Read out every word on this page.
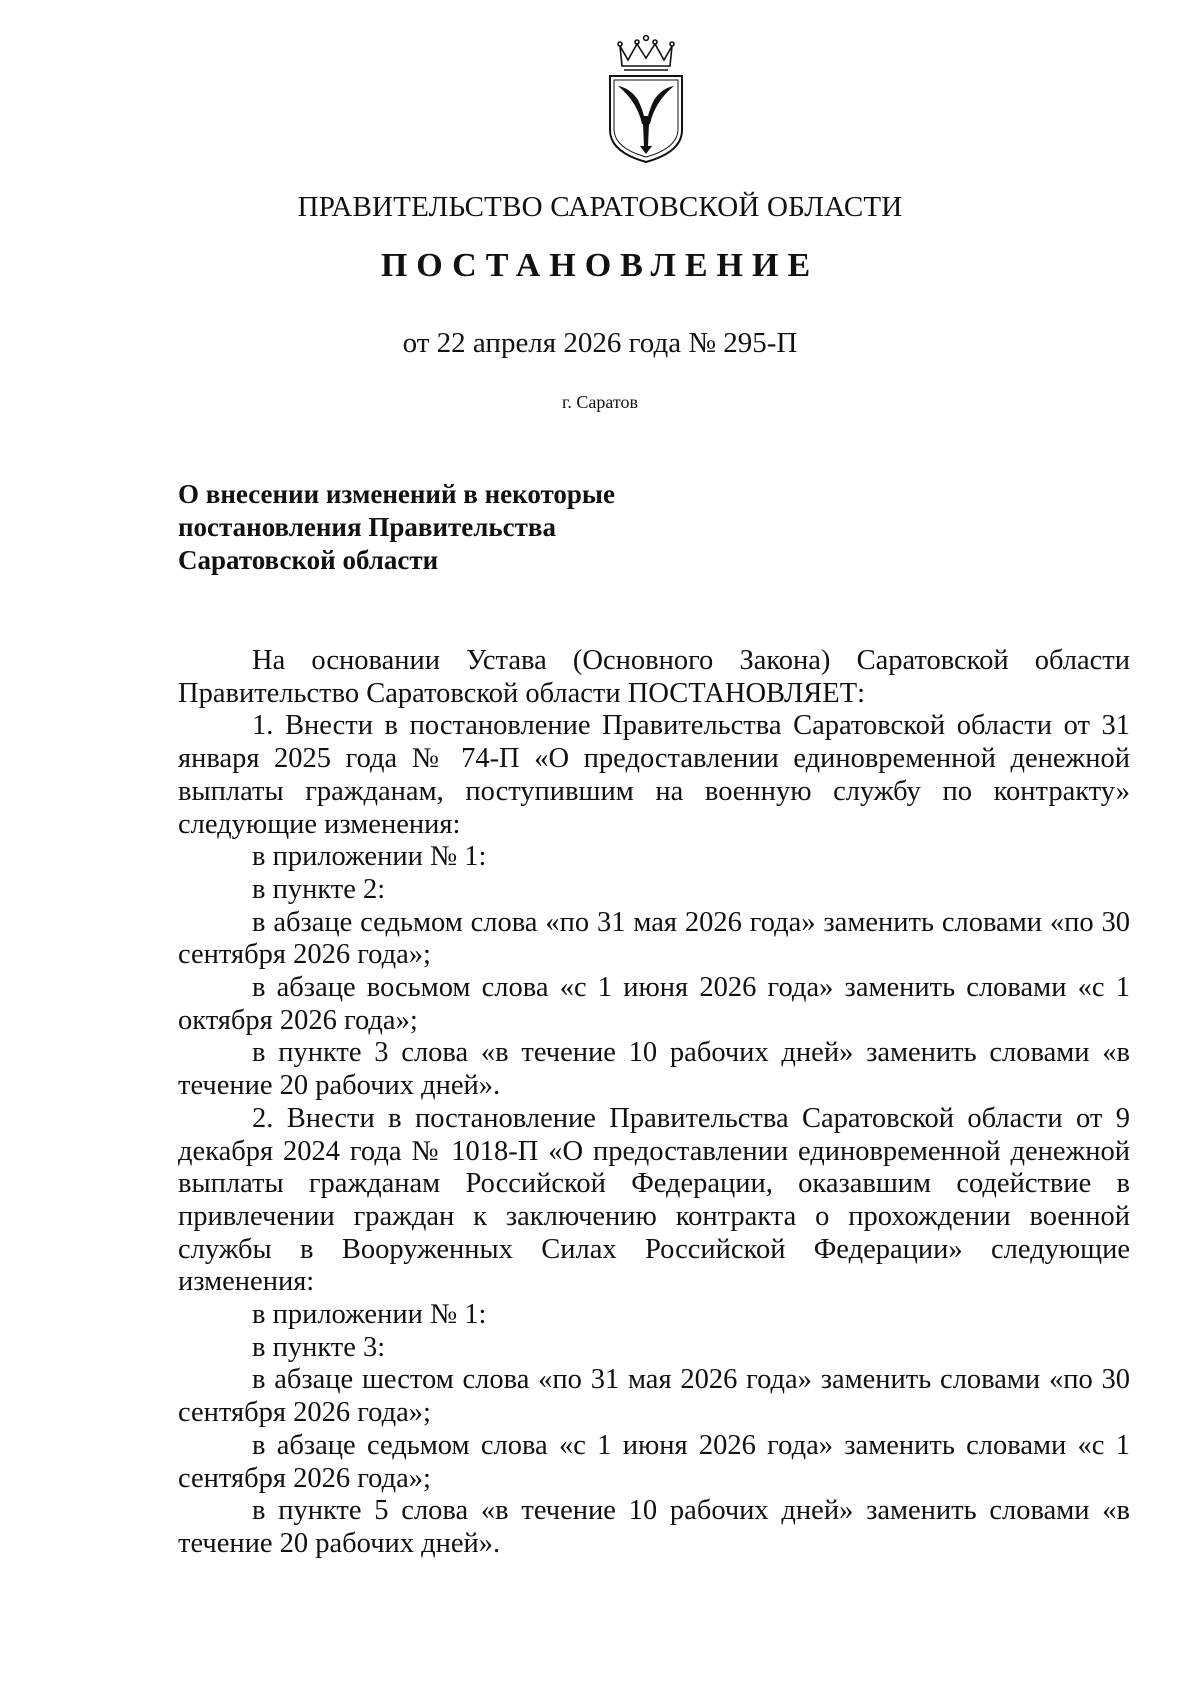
ПРАВИТЕЛЬСТВО САРАТОВСКОЙ ОБЛАСТИ
ПОСТАНОВЛЕНИЕ
от 22 апреля 2026 года № 295-П
г. Саратов
О внесении изменений в некоторые
постановления Правительства
Саратовской области

На основании Устава (Основного Закона) Саратовской области Правительство Саратовской области ПОСТАНОВЛЯЕТ:

1. Внести в постановление Правительства Саратовской области от 31 января 2025 года № 74-П «О предоставлении единовременной денежной выплаты гражданам, поступившим на военную службу по контракту» следующие изменения:

в приложении № 1:

в пункте 2:

в абзаце седьмом слова «по 31 мая 2026 года» заменить словами «по 30 сентября 2026 года»;

в абзаце восьмом слова «с 1 июня 2026 года» заменить словами «с 1 октября 2026 года»;

в пункте 3 слова «в течение 10 рабочих дней» заменить словами «в течение 20 рабочих дней».

2. Внести в постановление Правительства Саратовской области от 9 декабря 2024 года № 1018-П «О предоставлении единовременной денежной выплаты гражданам Российской Федерации, оказавшим содействие в привлечении граждан к заключению контракта о прохождении военной службы в Вооруженных Силах Российской Федерации» следующие изменения:

в приложении № 1:

в пункте 3:

в абзаце шестом слова «по 31 мая 2026 года» заменить словами «по 30 сентября 2026 года»;

в абзаце седьмом слова «с 1 июня 2026 года» заменить словами «с 1 сентября 2026 года»;

в пункте 5 слова «в течение 10 рабочих дней» заменить словами «в течение 20 рабочих дней».
